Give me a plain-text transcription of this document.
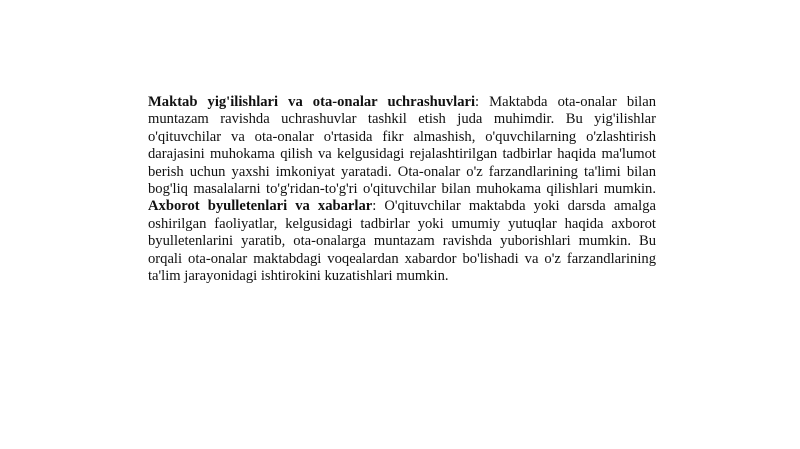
Maktab yig'ilishlari va ota-onalar uchrashuvlari: Maktabda ota-onalar bilan muntazam ravishda uchrashuvlar tashkil etish juda muhimdir. Bu yig'ilishlar o'qituvchilar va ota-onalar o'rtasida fikr almashish, o'quvchilarning o'zlashtirish darajasini muhokama qilish va kelgusidagi rejalashtirilgan tadbirlar haqida ma'lumot berish uchun yaxshi imkoniyat yaratadi. Ota-onalar o'z farzandlarining ta'limi bilan bog'liq masalalarni to'g'ridan-to'g'ri o'qituvchilar bilan muhokama qilishlari mumkin. Axborot byulletenlari va xabarlar: O'qituvchilar maktabda yoki darsda amalga oshirilgan faoliyatlar, kelgusidagi tadbirlar yoki umumiy yutuqlar haqida axborot byulletenlarini yaratib, ota-onalarga muntazam ravishda yuborishlari mumkin. Bu orqali ota-onalar maktabdagi voqealardan xabardor bo'lishadi va o'z farzandlarining ta'lim jarayonidagi ishtirokini kuzatishlari mumkin.
